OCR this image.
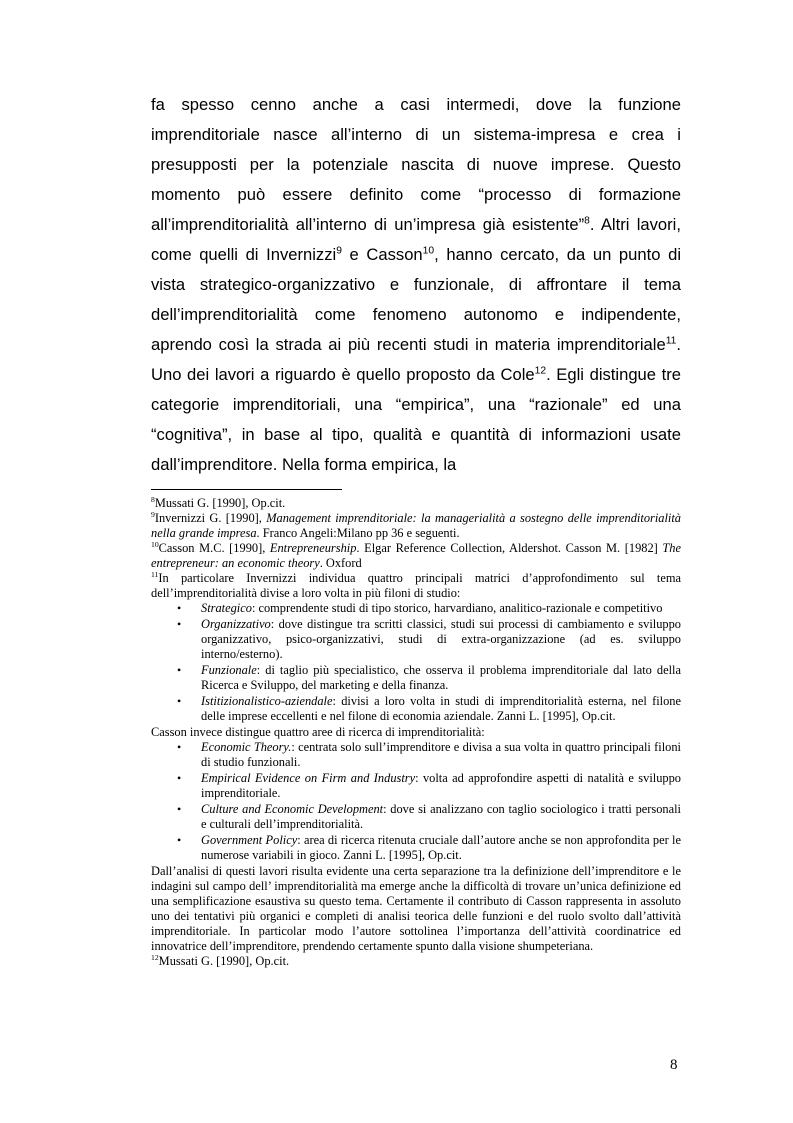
fa spesso cenno anche a casi intermedi, dove la funzione imprenditoriale nasce all’interno di un sistema-impresa e crea i presupposti per la potenziale nascita di nuove imprese. Questo momento può essere definito come “processo di formazione all’imprenditorialità all’interno di un’impresa già esistente”$^8$. Altri lavori, come quelli di Invernizzi$^9$ e Casson$^{10}$, hanno cercato, da un punto di vista strategico-organizzativo e funzionale, di affrontare il tema dell’imprenditorialità come fenomeno autonomo e indipendente, aprendo così la strada ai più recenti studi in materia imprenditoriale$^{11}$. Uno dei lavori a riguardo è quello proposto da Cole$^{12}$. Egli distingue tre categorie imprenditoriali, una “empirica”, una “razionale” ed una “cognitiva”, in base al tipo, qualità e quantità di informazioni usate dall’imprenditore. Nella forma empirica, la

$^8$Mussati G. [1990], Op.cit.

$^9$Invernizzi G. [1990], Management imprenditoriale: la managerialità a sostegno delle imprenditorialità nella grande impresa. Franco Angeli:Milano pp 36 e seguenti.

$^{10}$Casson M.C. [1990], Entrepreneurship. Elgar Reference Collection, Aldershot. Casson M. [1982] The entrepreneur: an economic theory. Oxford

$^{11}$In particolare Invernizzi individua quattro principali matrici d’approfondimento sul tema dell’imprenditorialità divise a loro volta in più filoni di studio:

• Strategico: comprendente studi di tipo storico, harvardiano, analitico-razionale e competitivo
• Organizzativo: dove distingue tra scritti classici, studi sui processi di cambiamento e sviluppo organizzativo, psico-organizzativi, studi di extra-organizzazione (ad es. sviluppo interno/esterno).
• Funzionale: di taglio più specialistico, che osserva il problema imprenditoriale dal lato della Ricerca e Sviluppo, del marketing e della finanza.
• Istitizionalistico-aziendale: divisi a loro volta in studi di imprenditorialità esterna, nel filone delle imprese eccellenti e nel filone di economia aziendale. Zanni L. [1995], Op.cit.

Casson invece distingue quattro aree di ricerca di imprenditorialità:

• Economic Theory.: centrata solo sull’imprenditore e divisa a sua volta in quattro principali filoni di studio funzionali.
• Empirical Evidence on Firm and Industry: volta ad approfondire aspetti di natalità e sviluppo imprenditoriale.
• Culture and Economic Development: dove si analizzano con taglio sociologico i tratti personali e culturali dell’imprenditorialità.
• Government Policy: area di ricerca ritenuta cruciale dall’autore anche se non approfondita per le numerose variabili in gioco. Zanni L. [1995], Op.cit.

Dall’analisi di questi lavori risulta evidente una certa separazione tra la definizione dell’imprenditore e le indagini sul campo dell’ imprenditorialità ma emerge anche la difficoltà di trovare un’unica definizione ed una semplificazione esaustiva su questo tema. Certamente il contributo di Casson rappresenta in assoluto uno dei tentativi più organici e completi di analisi teorica delle funzioni e del ruolo svolto dall’attività imprenditoriale. In particolar modo l’autore sottolinea l’importanza dell’attività coordinatrice ed innovatrice dell’imprenditore, prendendo certamente spunto dalla visione shumpeteriana.

$^{12}$Mussati G. [1990], Op.cit.

8
